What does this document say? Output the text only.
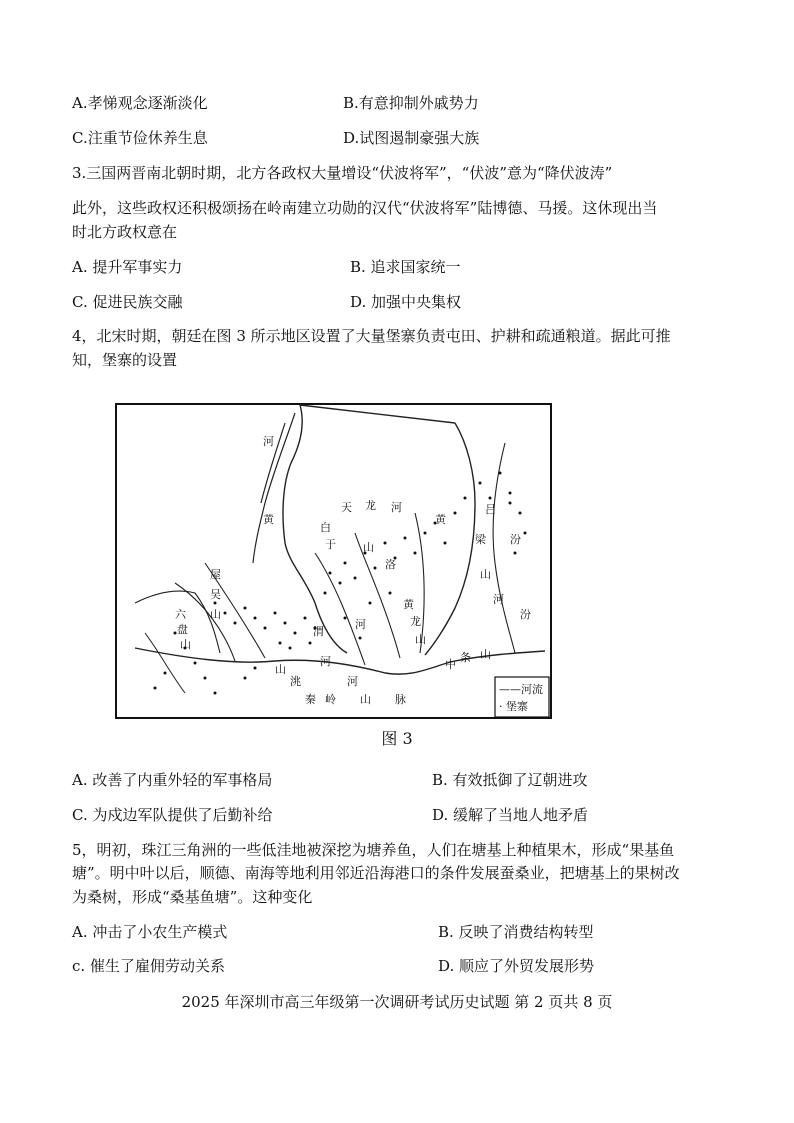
A.孝悌观念逐渐淡化	B.有意抑制外戚势力
C.注重节俭休养生息	D.试图遏制豪强大族
3.三国两晋南北朝时期，北方各政权大量增设“伏波将军”，“伏波”意为“降伏波涛”
此外，这些政权还积极颂扬在岭南建立功勋的汉代“伏波将军”陆博德、马援。这休现出当
时北方政权意在
A. 提升军事实力	B. 追求国家统一
C. 促进民族交融	D. 加强中央集权
4，北宋时期，朝廷在图 3 所示地区设置了大量堡寨负责屯田、护耕和疏通粮道。据此可推
知，堡寨的设置
河
黄
天 龙 河
黄
白
于 山
洛
屋
吴
山
吕
梁
山
河
汾
黄
龙
山
汾
六
盘
山
渭
河	中
条 山
秦 岭 山 脉
河
山
洮
河
——河流
· 堡寨
图 3
A. 改善了内重外轻的军事格局	B. 有效抵御了辽朝进攻
C. 为戍边军队提供了后勤补给	D. 缓解了当地人地矛盾
5，明初，珠江三角洲的一些低洼地被深挖为塘养鱼，人们在塘基上种植果木，形成“果基鱼
塘”。明中叶以后，顺德、南海等地利用邻近沿海港口的条件发展蚕桑业，把塘基上的果树改
为桑树，形成“桑基鱼塘”。这种变化
A. 冲击了小农生产模式	B. 反映了消费结构转型
c. 催生了雇佣劳动关系	D. 顺应了外贸发展形势
2025 年深圳市高三年级第一次调研考试历史试题 第 2 页共 8 页
